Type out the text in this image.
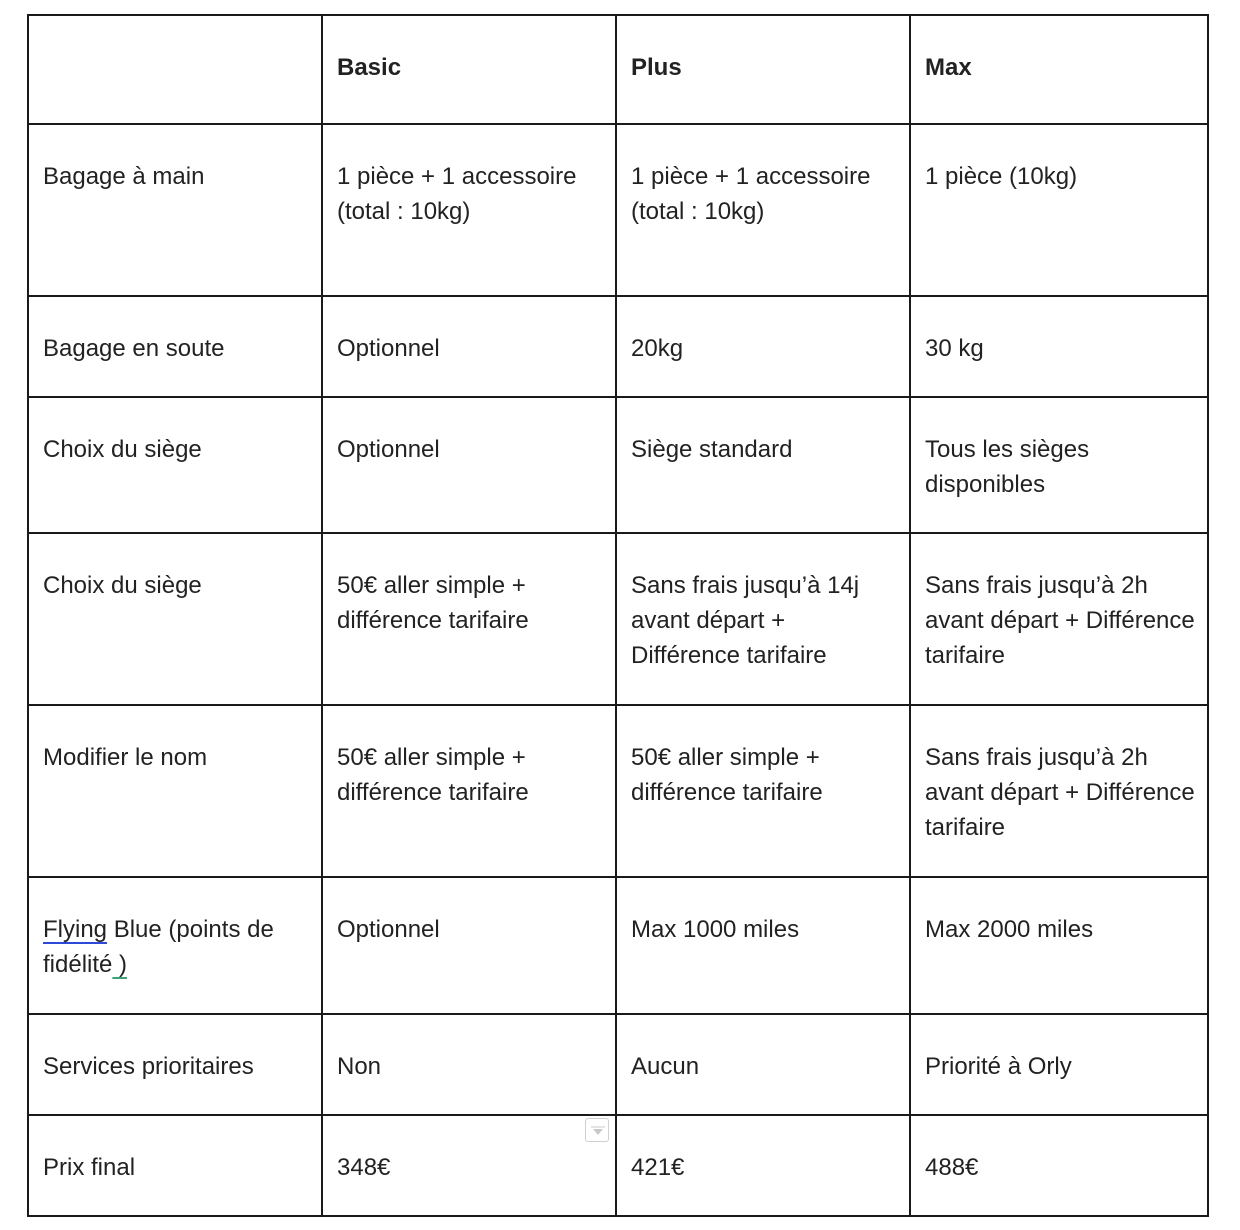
	Basic	Plus	Max
Bagage à main	1 pièce + 1 accessoire (total : 10kg)	1 pièce + 1 accessoire (total : 10kg)	1 pièce (10kg)
Bagage en soute	Optionnel	20kg	30 kg
Choix du siège	Optionnel	Siège standard	Tous les sièges disponibles
Choix du siège	50€ aller simple + différence tarifaire	Sans frais jusqu’à 14j avant départ + Différence tarifaire	Sans frais jusqu’à 2h avant départ + Différence tarifaire
Modifier le nom	50€ aller simple + différence tarifaire	50€ aller simple + différence tarifaire	Sans frais jusqu’à 2h avant départ + Différence tarifaire
Flying Blue (points de fidélité )	Optionnel	Max 1000 miles	Max 2000 miles
Services prioritaires	Non	Aucun	Priorité à Orly
Prix final	348€	421€	488€
